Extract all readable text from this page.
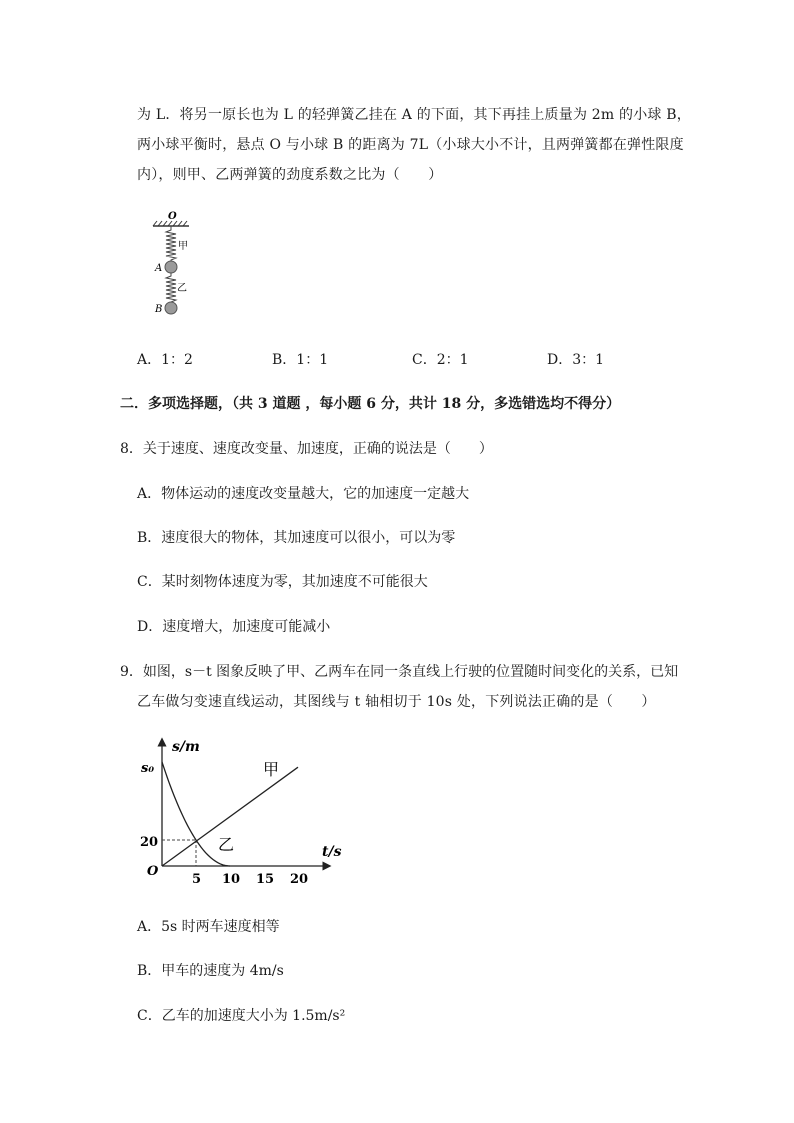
为 L．将另一原长也为 L 的轻弹簧乙挂在 A 的下面，其下再挂上质量为 2m 的小球 B，
两小球平衡时，悬点 O 与小球 B 的距离为 7L（小球大小不计，且两弹簧都在弹性限度
内），则甲、乙两弹簧的劲度系数之比为（　　）
O
甲
A
乙
B
A．1：2	B．1：1	C．2：1	D．3：1
二．多项选择题，（共 3 道题 ，每小题 6 分，共计 18 分，多选错选均不得分）
8．关于速度、速度改变量、加速度，正确的说法是（　　）
A．物体运动的速度改变量越大，它的加速度一定越大
B．速度很大的物体，其加速度可以很小，可以为零
C．某时刻物体速度为零，其加速度不可能很大
D．速度增大，加速度可能减小
9．如图，s－t 图象反映了甲、乙两车在同一条直线上行驶的位置随时间变化的关系，已知
乙车做匀变速直线运动，其图线与 t 轴相切于 10s 处，下列说法正确的是（　　）
s/m
t/s
s₀
20
O
5 10 15 20
甲
乙
A．5s 时两车速度相等
B．甲车的速度为 4m/s
C．乙车的加速度大小为 1.5m/s²
